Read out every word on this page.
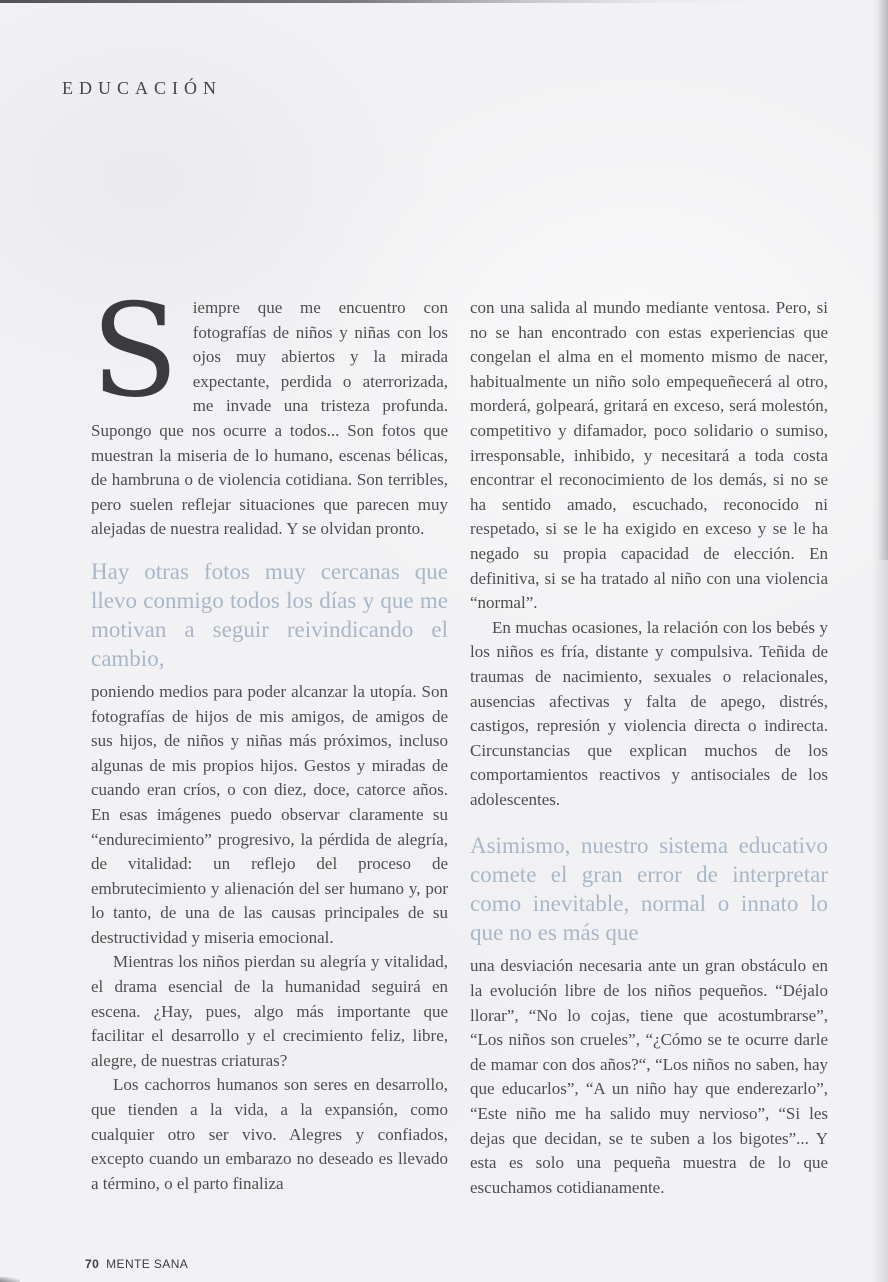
EDUCACIÓN

Siempre que me encuentro con fotografías de niños y niñas con los ojos muy abiertos y la mirada expectante, perdida o aterrorizada, me invade una tristeza profunda. Supongo que nos ocurre a todos... Son fotos que muestran la miseria de lo humano, escenas bélicas, de hambruna o de violencia cotidiana. Son terribles, pero suelen reflejar situaciones que parecen muy alejadas de nuestra realidad. Y se olvidan pronto.

Hay otras fotos muy cercanas que llevo conmigo todos los días y que me motivan a seguir reivindicando el cambio,

poniendo medios para poder alcanzar la utopía. Son fotografías de hijos de mis amigos, de amigos de sus hijos, de niños y niñas más próximos, incluso algunas de mis propios hijos. Gestos y miradas de cuando eran críos, o con diez, doce, catorce años. En esas imágenes puedo observar claramente su “endurecimiento” progresivo, la pérdida de alegría, de vitalidad: un reflejo del proceso de embrutecimiento y alienación del ser humano y, por lo tanto, de una de las causas principales de su destructividad y miseria emocional.

Mientras los niños pierdan su alegría y vitalidad, el drama esencial de la humanidad seguirá en escena. ¿Hay, pues, algo más importante que facilitar el desarrollo y el crecimiento feliz, libre, alegre, de nuestras criaturas?

Los cachorros humanos son seres en desarrollo, que tienden a la vida, a la expansión, como cualquier otro ser vivo. Alegres y confiados, excepto cuando un embarazo no deseado es llevado a término, o el parto finaliza

con una salida al mundo mediante ventosa. Pero, si no se han encontrado con estas experiencias que congelan el alma en el momento mismo de nacer, habitualmente un niño solo empequeñecerá al otro, morderá, golpeará, gritará en exceso, será molestón, competitivo y difamador, poco solidario o sumiso, irresponsable, inhibido, y necesitará a toda costa encontrar el reconocimiento de los demás, si no se ha sentido amado, escuchado, reconocido ni respetado, si se le ha exigido en exceso y se le ha negado su propia capacidad de elección. En definitiva, si se ha tratado al niño con una violencia “normal”.

En muchas ocasiones, la relación con los bebés y los niños es fría, distante y compulsiva. Teñida de traumas de nacimiento, sexuales o relacionales, ausencias afectivas y falta de apego, distrés, castigos, represión y violencia directa o indirecta. Circunstancias que explican muchos de los comportamientos reactivos y antisociales de los adolescentes.

Asimismo, nuestro sistema educativo comete el gran error de interpretar como inevitable, normal o innato lo que no es más que

una desviación necesaria ante un gran obstáculo en la evolución libre de los niños pequeños. “Déjalo llorar”, “No lo cojas, tiene que acostumbrarse”, “Los niños son crueles”, “¿Cómo se te ocurre darle de mamar con dos años?“, “Los niños no saben, hay que educarlos”, “A un niño hay que enderezarlo”, “Este niño me ha salido muy nervioso”, “Si les dejas que decidan, se te suben a los bigotes”... Y esta es solo una pequeña muestra de lo que escuchamos cotidianamente.

70 MENTE SANA
